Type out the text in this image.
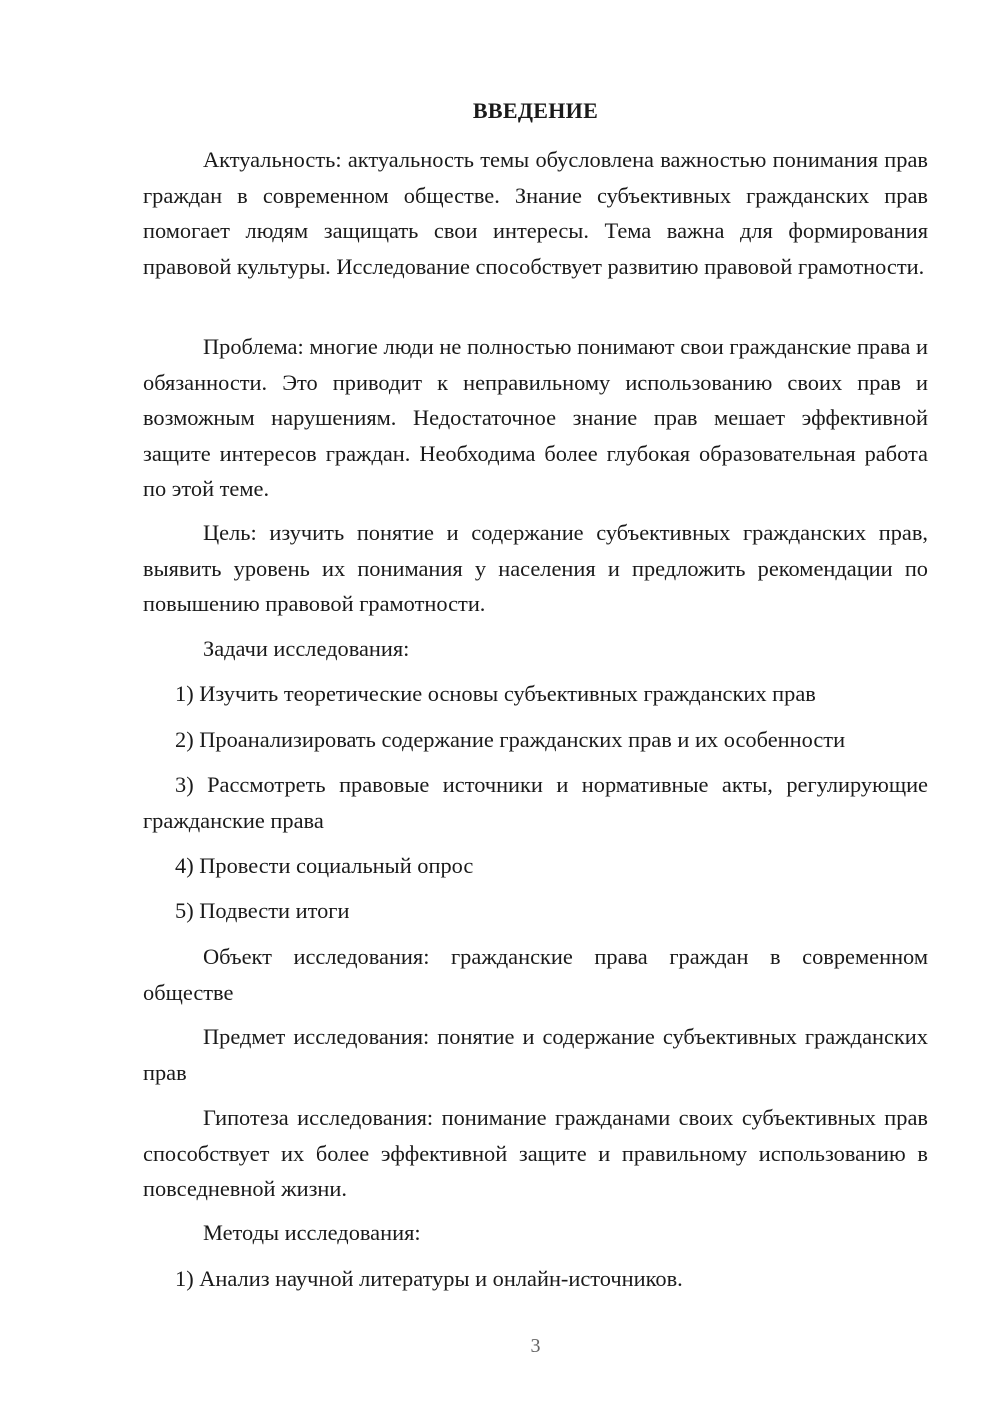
ВВЕДЕНИЕ

Актуальность: актуальность темы обусловлена важностью понимания прав граждан в современном обществе. Знание субъективных гражданских прав помогает людям защищать свои интересы. Тема важна для формирования правовой культуры. Исследование способствует развитию правовой грамотности.

Проблема: многие люди не полностью понимают свои гражданские права и обязанности. Это приводит к неправильному использованию своих прав и возможным нарушениям. Недостаточное знание прав мешает эффективной защите интересов граждан. Необходима более глубокая образовательная работа по этой теме.

Цель: изучить понятие и содержание субъективных гражданских прав, выявить уровень их понимания у населения и предложить рекомендации по повышению правовой грамотности.

Задачи исследования:

1) Изучить теоретические основы субъективных гражданских прав

2) Проанализировать содержание гражданских прав и их особенности

3) Рассмотреть правовые источники и нормативные акты, регулирующие гражданские права

4) Провести социальный опрос

5) Подвести итоги

Объект исследования: гражданские права граждан в современном обществе

Предмет исследования: понятие и содержание субъективных гражданских прав

Гипотеза исследования: понимание гражданами своих субъективных прав способствует их более эффективной защите и правильному использованию в повседневной жизни.

Методы исследования:

1) Анализ научной литературы и онлайн-источников.

3
